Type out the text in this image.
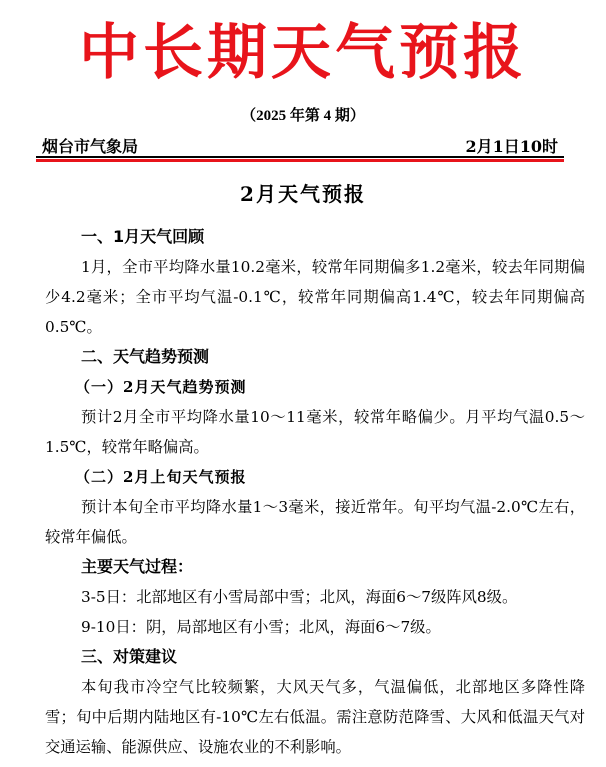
中长期天气预报
（2025 年第 4 期）
烟台市气象局	2月1日10时
2月天气预报
一、1月天气回顾

1月，全市平均降水量10.2毫米，较常年同期偏多1.2毫米，较去年同期偏少4.2毫米；全市平均气温-0.1℃，较常年同期偏高1.4℃，较去年同期偏高0.5℃。

二、天气趋势预测
（一）2月天气趋势预测

预计2月全市平均降水量10～11毫米，较常年略偏少。月平均气温0.5～1.5℃，较常年略偏高。

（二）2月上旬天气预报

预计本旬全市平均降水量1～3毫米，接近常年。旬平均气温-2.0℃左右，较常年偏低。

主要天气过程：

3-5日：北部地区有小雪局部中雪；北风，海面6～7级阵风8级。

9-10日：阴，局部地区有小雪；北风，海面6～7级。

三、对策建议

本旬我市冷空气比较频繁，大风天气多，气温偏低，北部地区多降性降雪；旬中后期内陆地区有-10℃左右低温。需注意防范降雪、大风和低温天气对交通运输、能源供应、设施农业的不利影响。
